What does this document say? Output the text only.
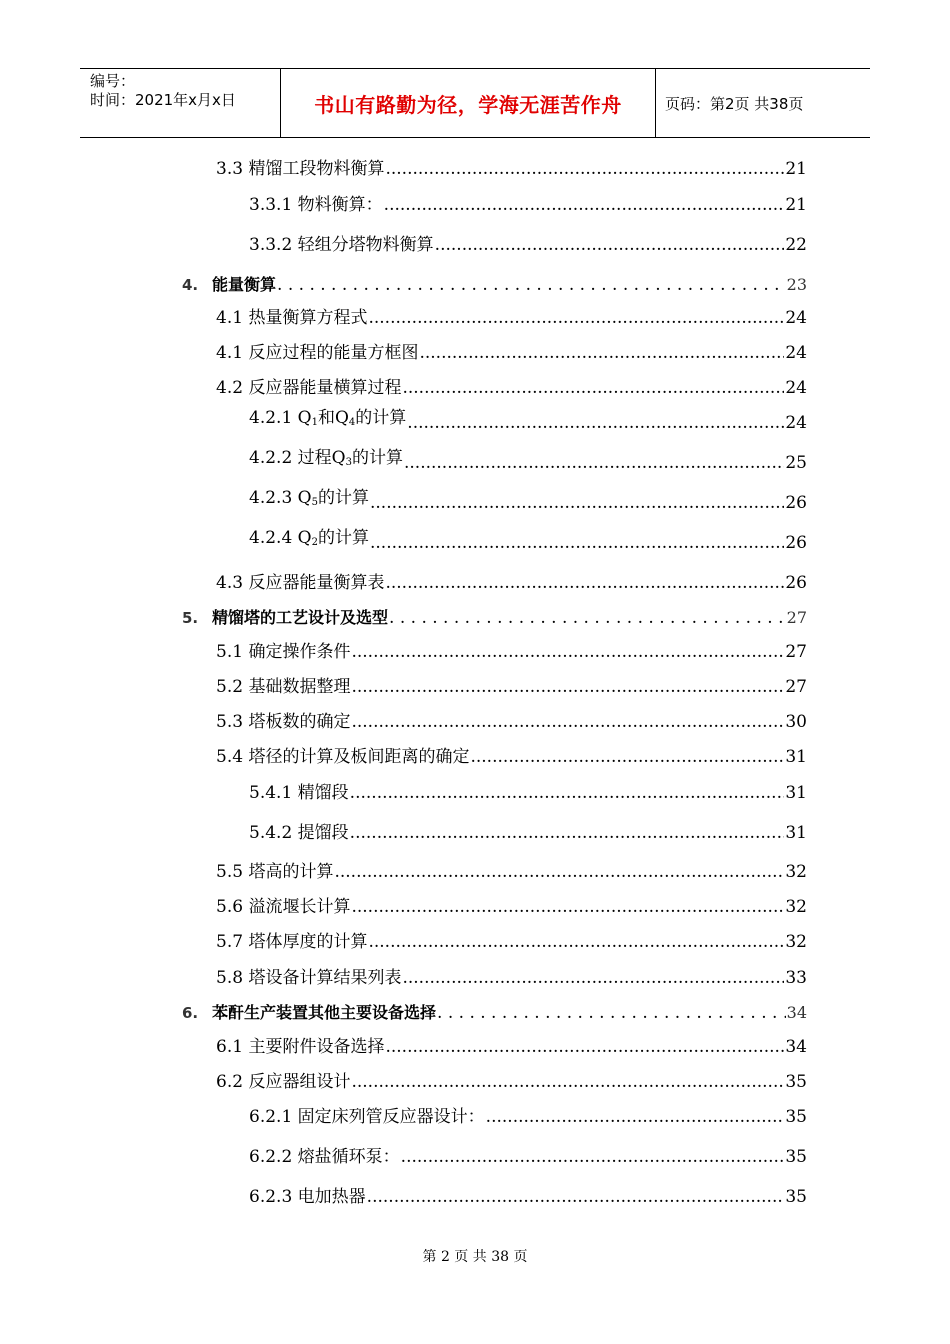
编号：
时间：2021年x月x日	书山有路勤为径，学海无涯苦作舟	页码：第2页 共38页
3.3 精馏工段物料衡算 .....	21
3.3.1 物料衡算： .....	21
3.3.2 轻组分塔物料衡算 .....	22
4. 能量衡算 . . .	23
4.1 热量衡算方程式 .....	24
4.1 反应过程的能量方框图 .....	24
4.2 反应器能量横算过程 .....	24
4.2.1 $Q_1$和$Q_4$的计算 .....	24
4.2.2 过程$Q_3$的计算 .....	25
4.2.3 $Q_5$的计算 .....	26
4.2.4 $Q_2$的计算 .....	26
4.3 反应器能量衡算表 .....	26
5. 精馏塔的工艺设计及选型 . . .	27
5.1 确定操作条件 .....	27
5.2 基础数据整理 .....	27
5.3 塔板数的确定 .....	30
5.4 塔径的计算及板间距离的确定 .....	31
5.4.1 精馏段 .....	31
5.4.2 提馏段 .....	31
5.5 塔高的计算 .....	32
5.6 溢流堰长计算 .....	32
5.7 塔体厚度的计算 .....	32
5.8 塔设备计算结果列表 .....	33
6. 苯酐生产装置其他主要设备选择 . . .	34
6.1 主要附件设备选择 .....	34
6.2 反应器组设计 .....	35
6.2.1 固定床列管反应器设计： .....	35
6.2.2 熔盐循环泵： .....	35
6.2.3 电加热器 .....	35
第 2 页 共 38 页
